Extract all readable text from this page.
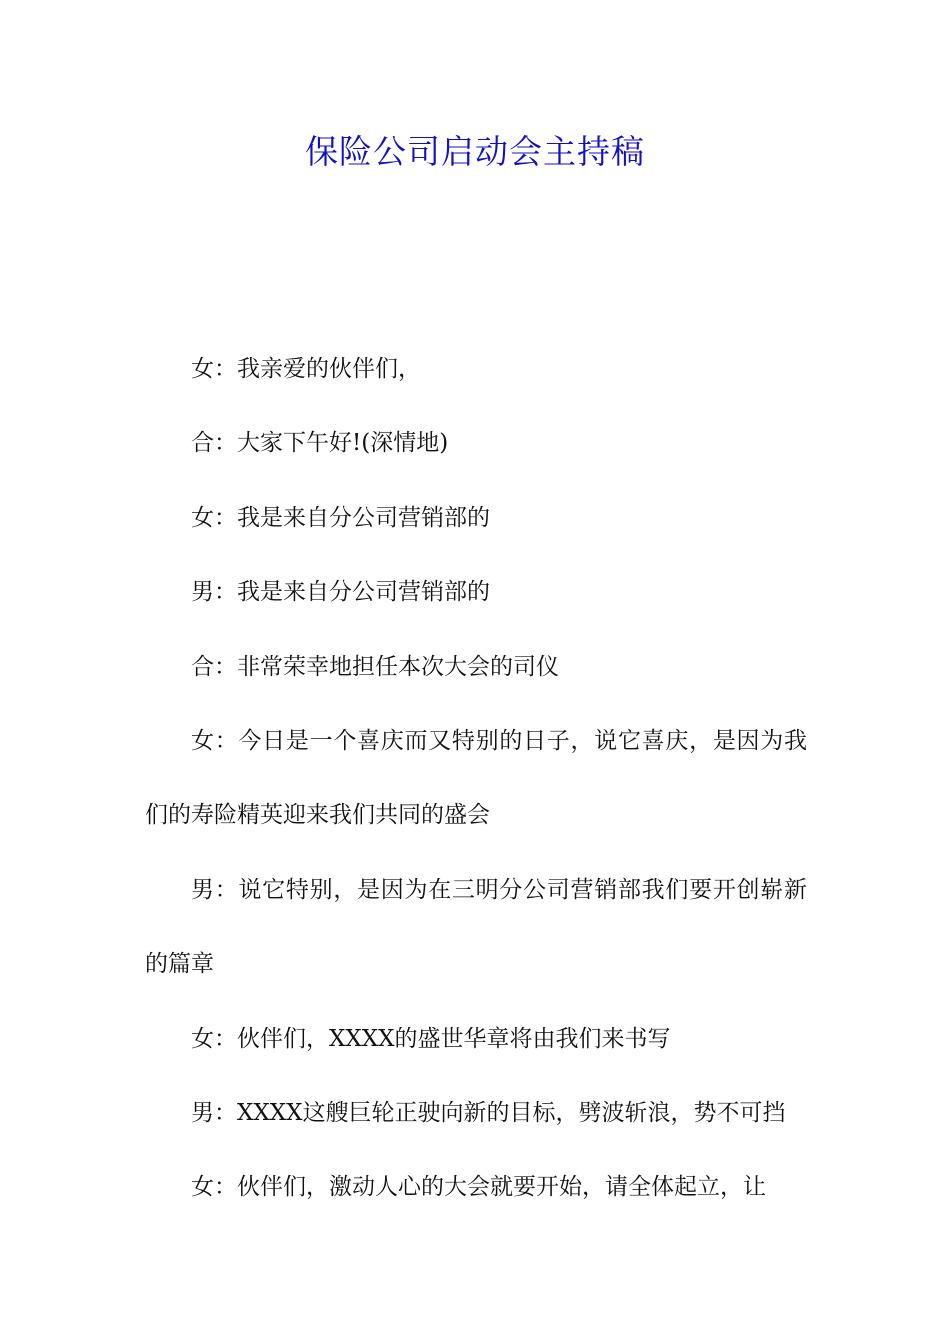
保险公司启动会主持稿

女：我亲爱的伙伴们，

合：大家下午好!(深情地)

女：我是来自分公司营销部的

男：我是来自分公司营销部的

合：非常荣幸地担任本次大会的司仪

女：今日是一个喜庆而又特别的日子，说它喜庆，是因为我们的寿险精英迎来我们共同的盛会

男：说它特别，是因为在三明分公司营销部我们要开创崭新的篇章

女：伙伴们，XXXX的盛世华章将由我们来书写

男：XXXX这艘巨轮正驶向新的目标，劈波斩浪，势不可挡

女：伙伴们，激动人心的大会就要开始，请全体起立，让
